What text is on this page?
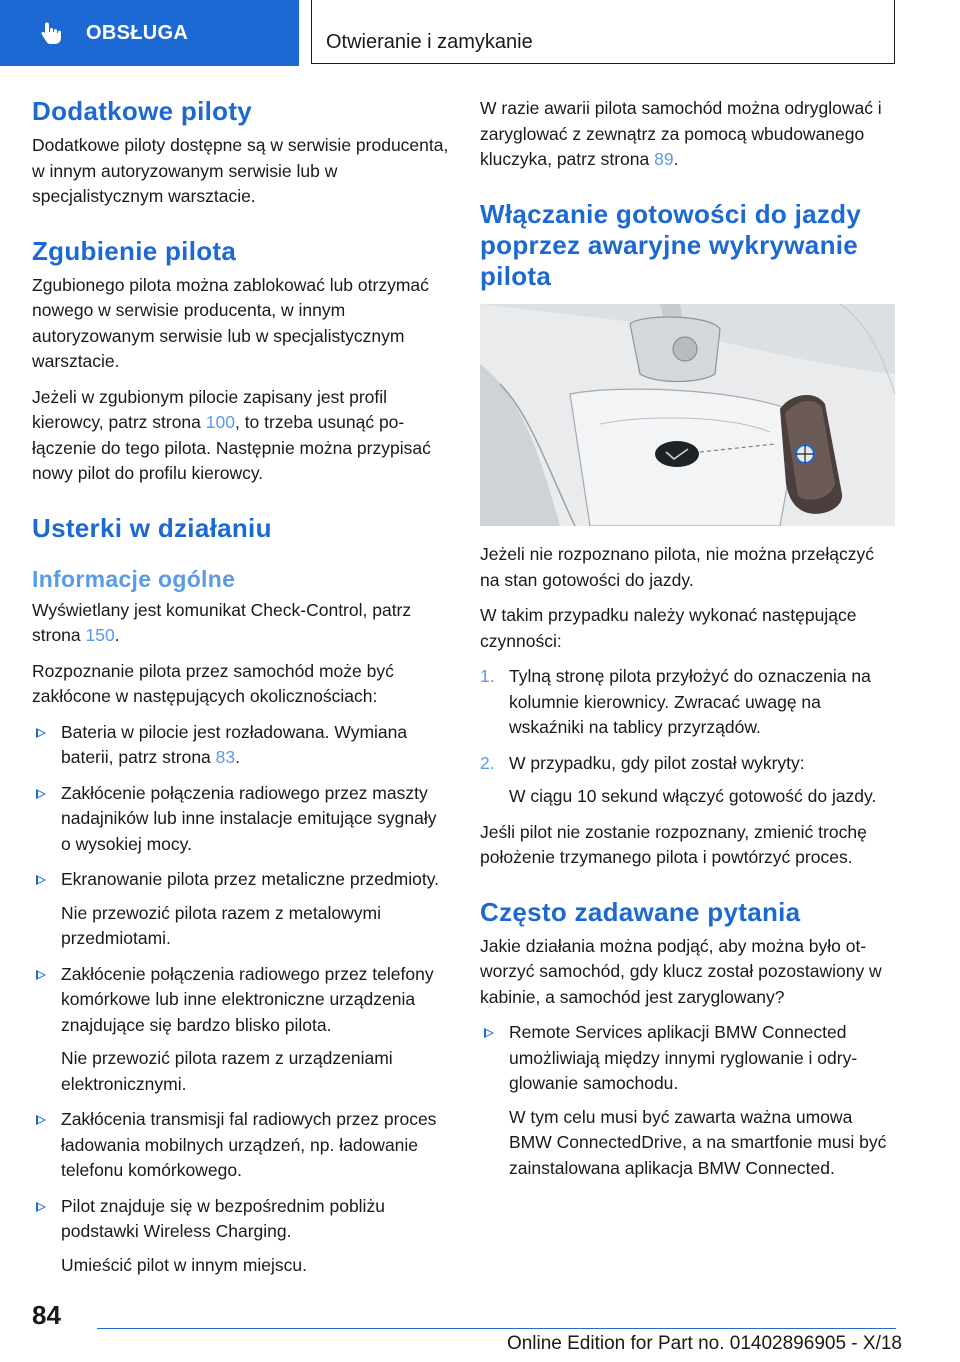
OBSŁUGA	Otwieranie i zamykanie
Dodatkowe piloty

Dodatkowe piloty dostępne są w serwisie producenta, w innym autoryzowanym serwisie lub w specjalistycznym warsztacie.

Zgubienie pilota

Zgubionego pilota można zablokować lub otrzymać nowego w serwisie producenta, w innym autoryzowanym serwisie lub w specjalistycznym warsztacie.

Jeżeli w zgubionym pilocie zapisany jest profil kierowcy, patrz strona 100, to trzeba usunąć połączenie do tego pilota. Następnie można przypisać nowy pilot do profilu kierowcy.

Usterki w działaniu
Informacje ogólne

Wyświetlany jest komunikat Check-Control, patrz strona 150.

Rozpoznanie pilota przez samochód może być zakłócone w następujących okolicznościach:

Bateria w pilocie jest rozładowana. Wymiana baterii, patrz strona 83.
Zakłócenie połączenia radiowego przez maszty nadajników lub inne instalacje emitujące sygnały o wysokiej mocy.
Ekranowanie pilota przez metaliczne przedmioty.
Nie przewozić pilota razem z metalowymi przedmiotami.
Zakłócenie połączenia radiowego przez telefony komórkowe lub inne elektroniczne urządzenia znajdujące się bardzo blisko pilota.
Nie przewozić pilota razem z urządzeniami elektronicznymi.
Zakłócenia transmisji fal radiowych przez proces ładowania mobilnych urządzeń, np. ładowanie telefonu komórkowego.
Pilot znajduje się w bezpośrednim pobliżu podstawki Wireless Charging.
Umieścić pilot w innym miejscu.

W razie awarii pilota samochód można odryglować i zaryglować z zewnątrz za pomocą wbudowanego kluczyka, patrz strona 89.

Włączanie gotowości do jazdy poprzez awaryjne wykrywanie pilota

Jeżeli nie rozpoznano pilota, nie można przełączyć na stan gotowości do jazdy.

W takim przypadku należy wykonać następujące czynności:

1. Tylną stronę pilota przyłożyć do oznaczenia na kolumnie kierownicy. Zwracać uwagę na wskaźniki na tablicy przyrządów.
2. W przypadku, gdy pilot został wykryty:
W ciągu 10 sekund włączyć gotowość do jazdy.

Jeśli pilot nie zostanie rozpoznany, zmienić trochę położenie trzymanego pilota i powtórzyć proces.

Często zadawane pytania

Jakie działania można podjąć, aby można było otworzyć samochód, gdy klucz został pozostawiony w kabinie, a samochód jest zaryglowany?

Remote Services aplikacji BMW Connected umożliwiają między innymi ryglowanie i odryglowanie samochodu.
W tym celu musi być zawarta ważna umowa BMW ConnectedDrive, a na smartfonie musi być zainstalowana aplikacja BMW Connected.
84
Online Edition for Part no. 01402896905 - X/18
